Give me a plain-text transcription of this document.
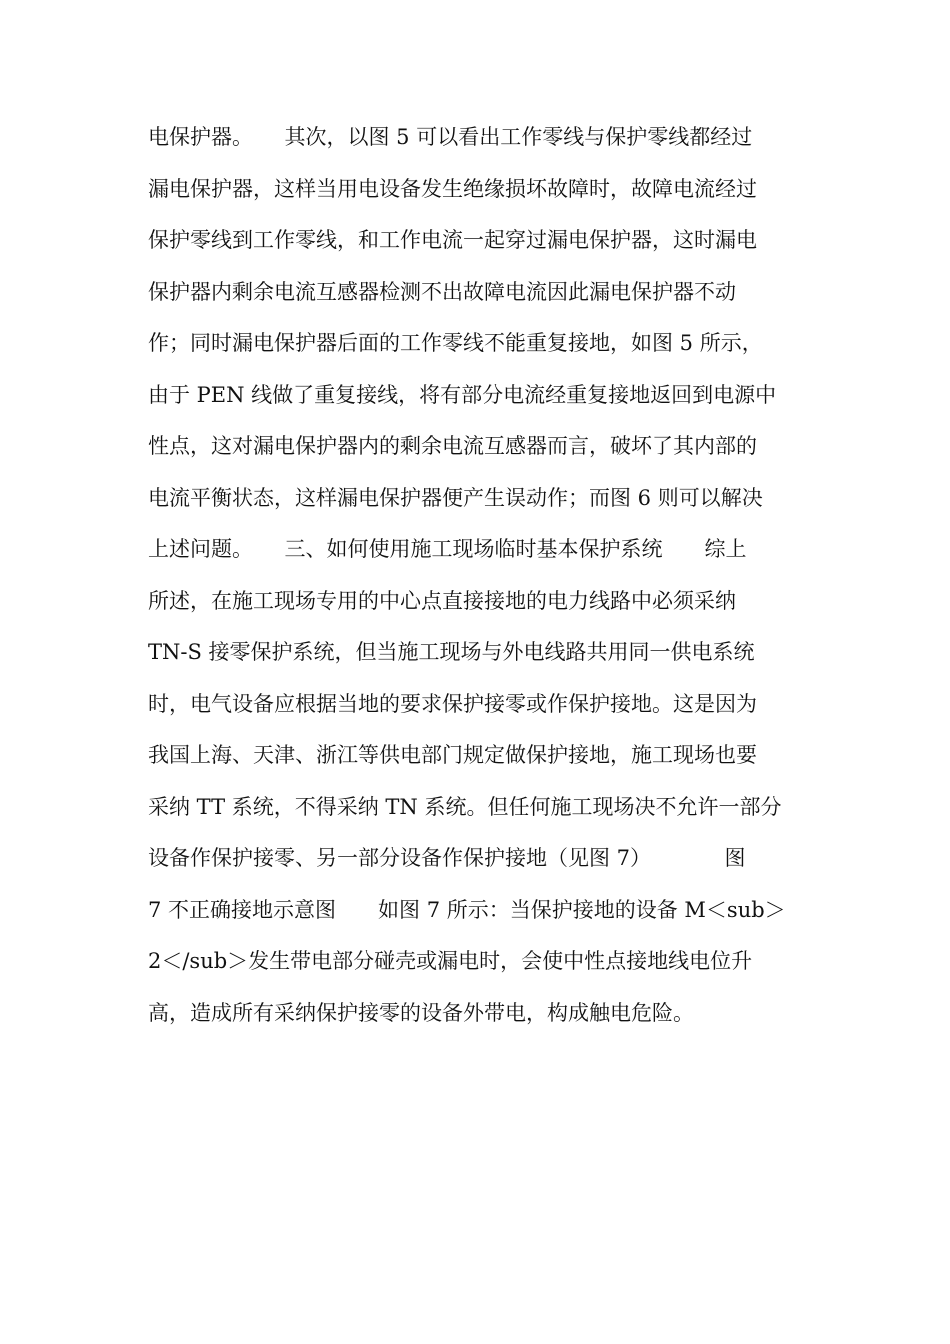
电保护器。　　其次，以图 5 可以看出工作零线与保护零线都经过
漏电保护器，这样当用电设备发生绝缘损坏故障时，故障电流经过
保护零线到工作零线，和工作电流一起穿过漏电保护器，这时漏电
保护器内剩余电流互感器检测不出故障电流因此漏电保护器不动
作；同时漏电保护器后面的工作零线不能重复接地，如图 5 所示，
由于 PEN 线做了重复接线，将有部分电流经重复接地返回到电源中
性点，这对漏电保护器内的剩余电流互感器而言，破坏了其内部的
电流平衡状态，这样漏电保护器便产生误动作；而图 6 则可以解决
上述问题。　　三、如何使用施工现场临时基本保护系统　　综上
所述，在施工现场专用的中心点直接接地的电力线路中必须采纳
TN-S 接零保护系统，但当施工现场与外电线路共用同一供电系统
时，电气设备应根据当地的要求保护接零或作保护接地。这是因为
我国上海、天津、浙江等供电部门规定做保护接地，施工现场也要
采纳 TT 系统，不得采纳 TN 系统。但任何施工现场决不允许一部分
设备作保护接零、另一部分设备作保护接地（见图 7）　　　　图
7 不正确接地示意图　　如图 7 所示：当保护接地的设备 M＜sub＞
2＜/sub＞发生带电部分碰壳或漏电时，会使中性点接地线电位升
高，造成所有采纳保护接零的设备外带电，构成触电危险。
